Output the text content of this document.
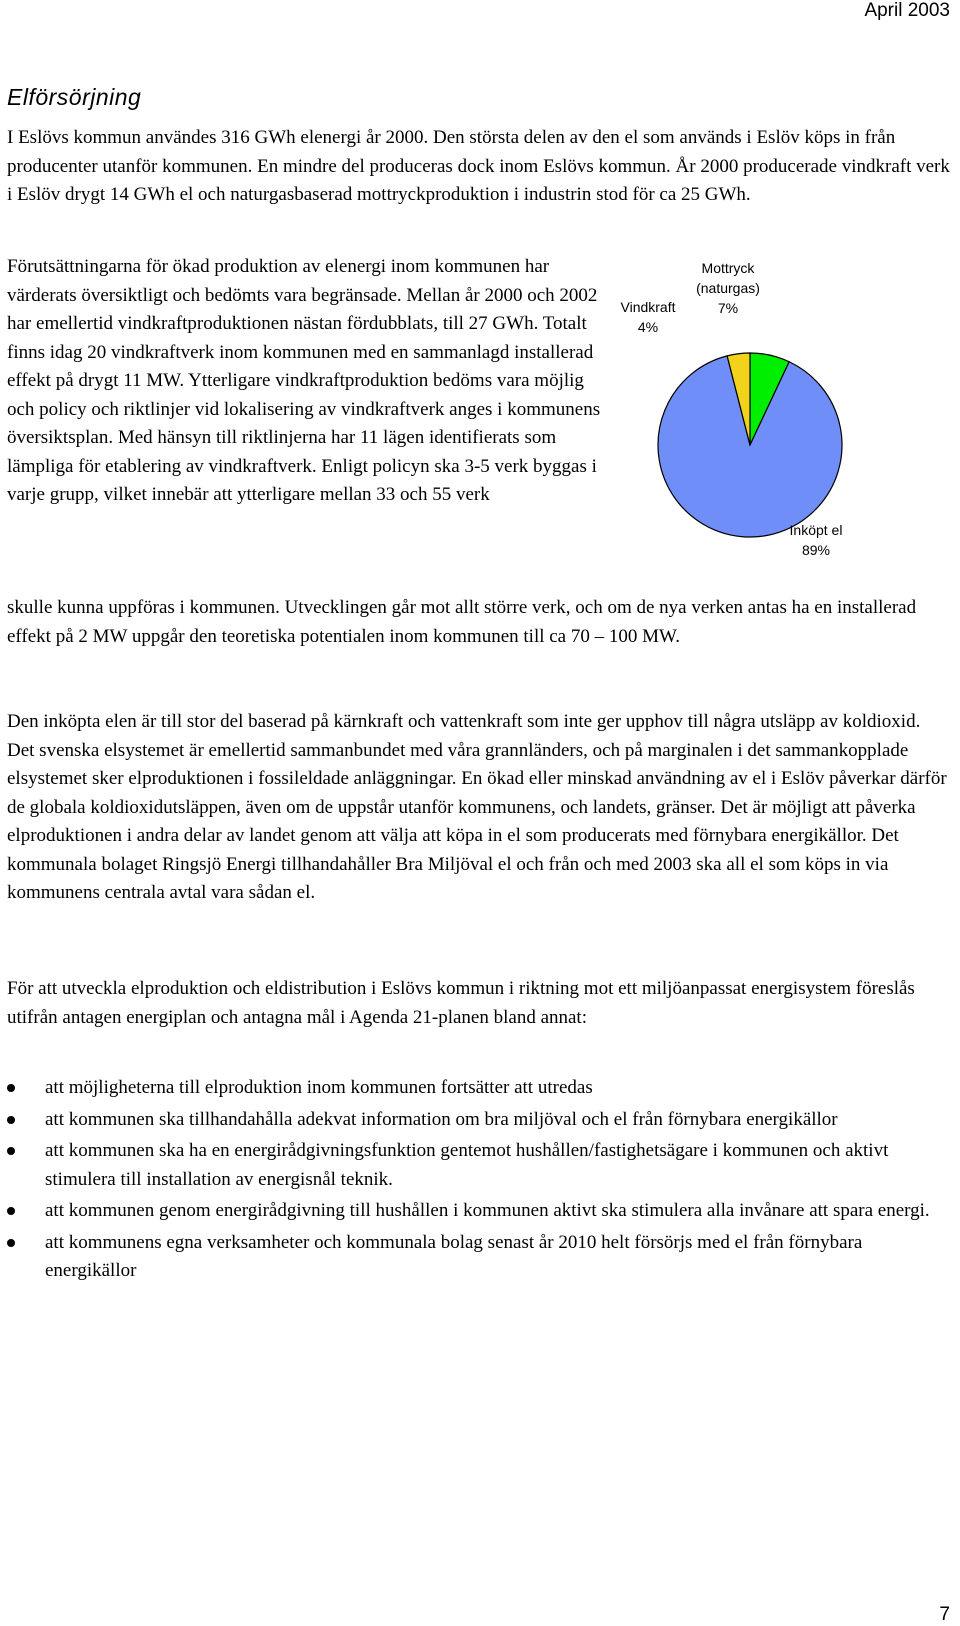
April 2003
Elförsörjning

I Eslövs kommun användes 316 GWh elenergi år 2000. Den största delen av den el som används i Eslöv köps in från producenter utanför kommunen. En mindre del produceras dock inom Eslövs kommun. År 2000 producerade vindkraft verk i Eslöv drygt 14 GWh el och naturgasbaserad mottryckproduktion i industrin stod för ca 25 GWh.

Förutsättningarna för ökad produktion av elenergi inom kommunen har värderats översiktligt och bedömts vara begränsade. Mellan år 2000 och 2002 har emellertid vindkraftproduktionen nästan fördubblats, till 27 GWh. Totalt finns idag 20 vindkraftverk inom kommunen med en sammanlagd installerad effekt på drygt 11 MW. Ytterligare vindkraftproduktion bedöms vara möjlig och policy och riktlinjer vid lokalisering av vindkraftverk anges i kommunens översiktsplan. Med hänsyn till riktlinjerna har 11 lägen identifierats som lämpliga för etablering av vindkraftverk. Enligt policyn ska 3-5 verk byggas i varje grupp, vilket innebär att ytterligare mellan 33 och 55 verk

Mottryck
(naturgas)
7%
Inköpt el
89%
Vindkraft
4%

skulle kunna uppföras i kommunen. Utvecklingen går mot allt större verk, och om de nya verken antas ha en installerad effekt på 2 MW uppgår den teoretiska potentialen inom kommunen till ca 70 – 100 MW.

Den inköpta elen är till stor del baserad på kärnkraft och vattenkraft som inte ger upphov till några utsläpp av koldioxid. Det svenska elsystemet är emellertid sammanbundet med våra grannländers, och på marginalen i det sammankopplade elsystemet sker elproduktionen i fossileldade anläggningar. En ökad eller minskad användning av el i Eslöv påverkar därför de globala koldioxidutsläppen, även om de uppstår utanför kommunens, och landets, gränser. Det är möjligt att påverka elproduktionen i andra delar av landet genom att välja att köpa in el som producerats med förnybara energikällor. Det kommunala bolaget Ringsjö Energi tillhandahåller Bra Miljöval el och från och med 2003 ska all el som köps in via kommunens centrala avtal vara sådan el.

För att utveckla elproduktion och eldistribution i Eslövs kommun i riktning mot ett miljöanpassat energisystem föreslås utifrån antagen energiplan och antagna mål i Agenda 21-planen bland annat:

att möjligheterna till elproduktion inom kommunen fortsätter att utredas
att kommunen ska tillhandahålla adekvat information om bra miljöval och el från förnybara energikällor
att kommunen ska ha en energirådgivningsfunktion gentemot hushållen/fastighetsägare i kommunen och aktivt stimulera till installation av energisnål teknik.
att kommunen genom energirådgivning till hushållen i kommunen aktivt ska stimulera alla invånare att spara energi.
att kommunens egna verksamheter och kommunala bolag senast år 2010 helt försörjs med el från förnybara energikällor
7
